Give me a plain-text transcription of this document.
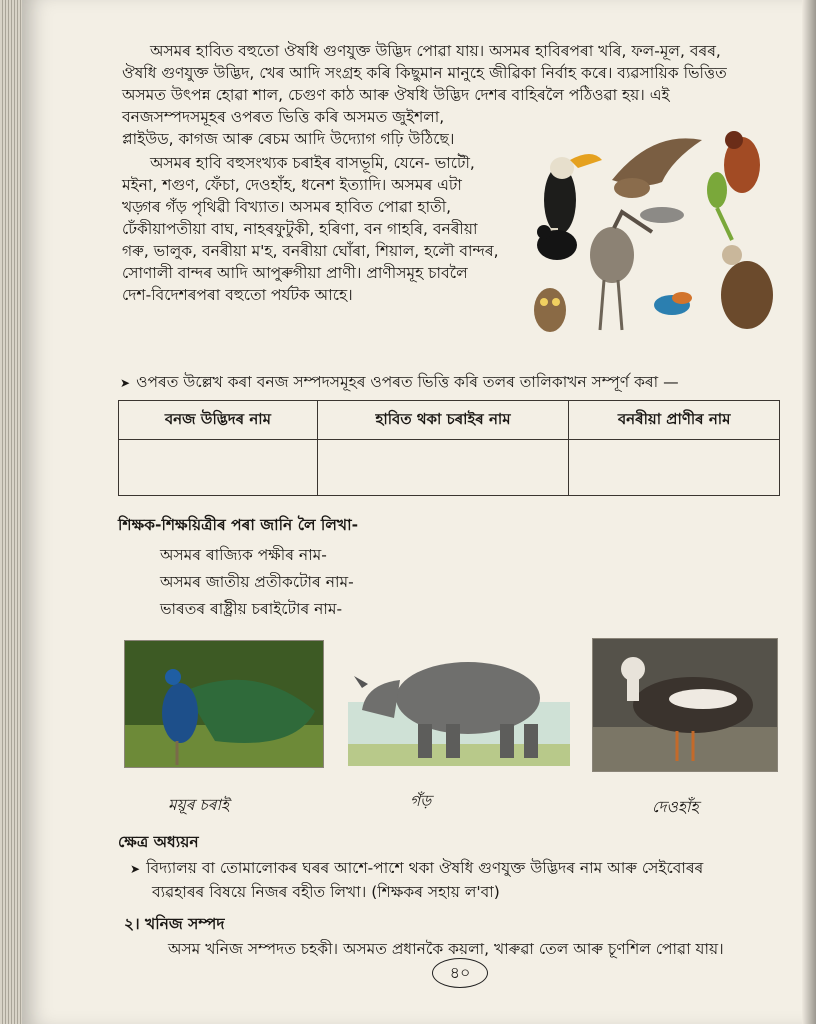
অসমৰ হাবিত বহুতো ঔষধি গুণযুক্ত উদ্ভিদ পোৱা যায়। অসমৰ হাবিৰপৰা খৰি, ফল-মূল, বৰৰ,
ঔষধি গুণযুক্ত উদ্ভিদ, খেৰ আদি সংগ্ৰহ কৰি কিছুমান মানুহে জীৱিকা নিৰ্বাহ কৰে। ব্যৱসায়িক ভিত্তিত
অসমত উৎপন্ন হোৱা শাল, চেগুণ কাঠ আৰু ঔষধি উদ্ভিদ দেশৰ বাহিৰলৈ পঠিওৱা হয়। এই
বনজসম্পদসমূহৰ ওপৰত ভিত্তি কৰি অসমত জুইশলা,
প্লাইউড, কাগজ আৰু ৰেচম আদি উদ্যোগ গঢ়ি উঠিছে।
অসমৰ হাবি বহুসংখ্যক চৰাইৰ বাসভূমি, যেনে- ভাটৌ,
মইনা, শগুণ, ফেঁচা, দেওহাঁহ, ধনেশ ইত্যাদি। অসমৰ এটা
খড়্গৰ গঁড় পৃথিৱী বিখ্যাত। অসমৰ হাবিত পোৱা হাতী,
ঢেঁকীয়াপতীয়া বাঘ, নাহৰফুটুকী, হৰিণা, বন গাহৰি, বনৰীয়া
গৰু, ভালুক, বনৰীয়া ম'হ, বনৰীয়া ঘোঁৰা, শিয়াল, হলৌ বান্দৰ,
সোণালী বান্দৰ আদি আপুৰুগীয়া প্ৰাণী। প্ৰাণীসমূহ চাবলৈ
দেশ-বিদেশৰপৰা বহুতো পৰ্যটক আহে।
➤ ওপৰত উল্লেখ কৰা বনজ সম্পদসমূহৰ ওপৰত ভিত্তি কৰি তলৰ তালিকাখন সম্পূৰ্ণ কৰা —
বনজ উদ্ভিদৰ নাম	হাবিত থকা চৰাইৰ নাম	বনৰীয়া প্ৰাণীৰ নাম

শিক্ষক-শিক্ষয়িত্ৰীৰ পৰা জানি লৈ লিখা-
অসমৰ ৰাজ্যিক পক্ষীৰ নাম-
অসমৰ জাতীয় প্ৰতীকটোৰ নাম-
ভাৰতৰ ৰাষ্ট্ৰীয় চৰাইটোৰ নাম-
ময়ূৰ চৰাই	গঁড়	দেওহাঁহ
ক্ষেত্ৰ অধ্যয়ন
➤ বিদ্যালয় বা তোমালোকৰ ঘৰৰ আশে-পাশে থকা ঔষধি গুণযুক্ত উদ্ভিদৰ নাম আৰু সেইবোৰৰ
ব্যৱহাৰৰ বিষয়ে নিজৰ বহীত লিখা। (শিক্ষকৰ সহায় ল'বা)
২। খনিজ সম্পদ
অসম খনিজ সম্পদত চহকী। অসমত প্ৰধানকৈ কয়লা, খাৰুৱা তেল আৰু চূণশিল পোৱা যায়।
৪০
